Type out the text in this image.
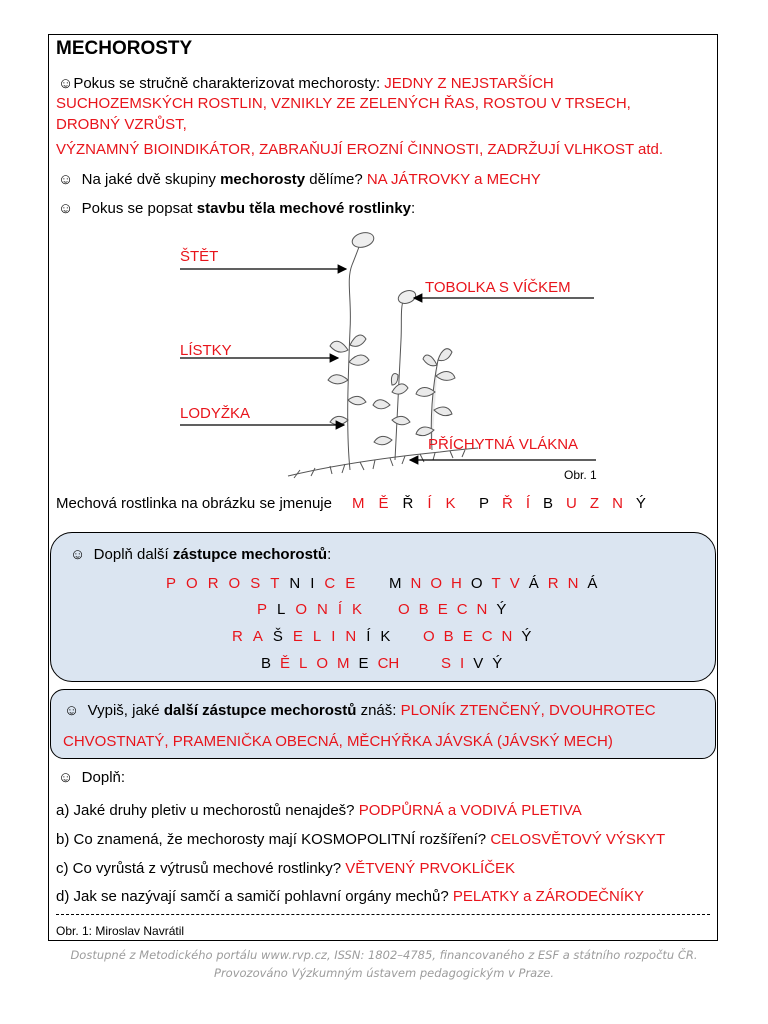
MECHOROSTY
☺Pokus se stručně charakterizovat mechorosty: JEDNY Z NEJSTARŠÍCH
SUCHOZEMSKÝCH ROSTLIN, VZNIKLY ZE ZELENÝCH ŘAS, ROSTOU V TRSECH,
DROBNÝ VZRŮST,
VÝZNAMNÝ BIOINDIKÁTOR, ZABRAŇUJÍ EROZNÍ ČINNOSTI, ZADRŽUJÍ VLHKOST atd.
☺ Na jaké dvě skupiny mechorosty dělíme? NA JÁTROVKY a MECHY
☺ Pokus se popsat stavbu těla mechové rostlinky:
ŠTĚT
TOBOLKA S VÍČKEM
LÍSTKY
LODYŽKA
PŘÍCHYTNÁ VLÁKNA
Obr. 1
Mechová rostlinka na obrázku se jmenuje M Ě Ř Í K P Ř Í B U Z N Ý
☺ Doplň další zástupce mechorostů:
P O R O S T N I C E M N O H O T V Á R N Á
P L O N Í K O B E C N Ý
R A Š E L I N Í K O B E C N Ý
B Ě L O M E CH	S I V Ý
☺ Vypiš, jaké další zástupce mechorostů znáš: PLONÍK ZTENČENÝ, DVOUHROTEC
CHVOSTNATÝ, PRAMENIČKA OBECNÁ, MĚCHÝŘKA JÁVSKÁ (JÁVSKÝ MECH)
☺ Doplň:
a) Jaké druhy pletiv u mechorostů nenajdeš? PODPŮRNÁ a VODIVÁ PLETIVA
b) Co znamená, že mechorosty mají KOSMOPOLITNÍ rozšíření? CELOSVĚTOVÝ VÝSKYT
c) Co vyrůstá z výtrusů mechové rostlinky? VĚTVENÝ PRVOKLÍČEK
d) Jak se nazývají samčí a samičí pohlavní orgány mechů? PELATKY a ZÁRODEČNÍKY
Obr. 1: Miroslav Navrátil
Dostupné z Metodického portálu www.rvp.cz, ISSN: 1802–4785, financovaného z ESF a státního rozpočtu ČR.
Provozováno Výzkumným ústavem pedagogickým v Praze.
